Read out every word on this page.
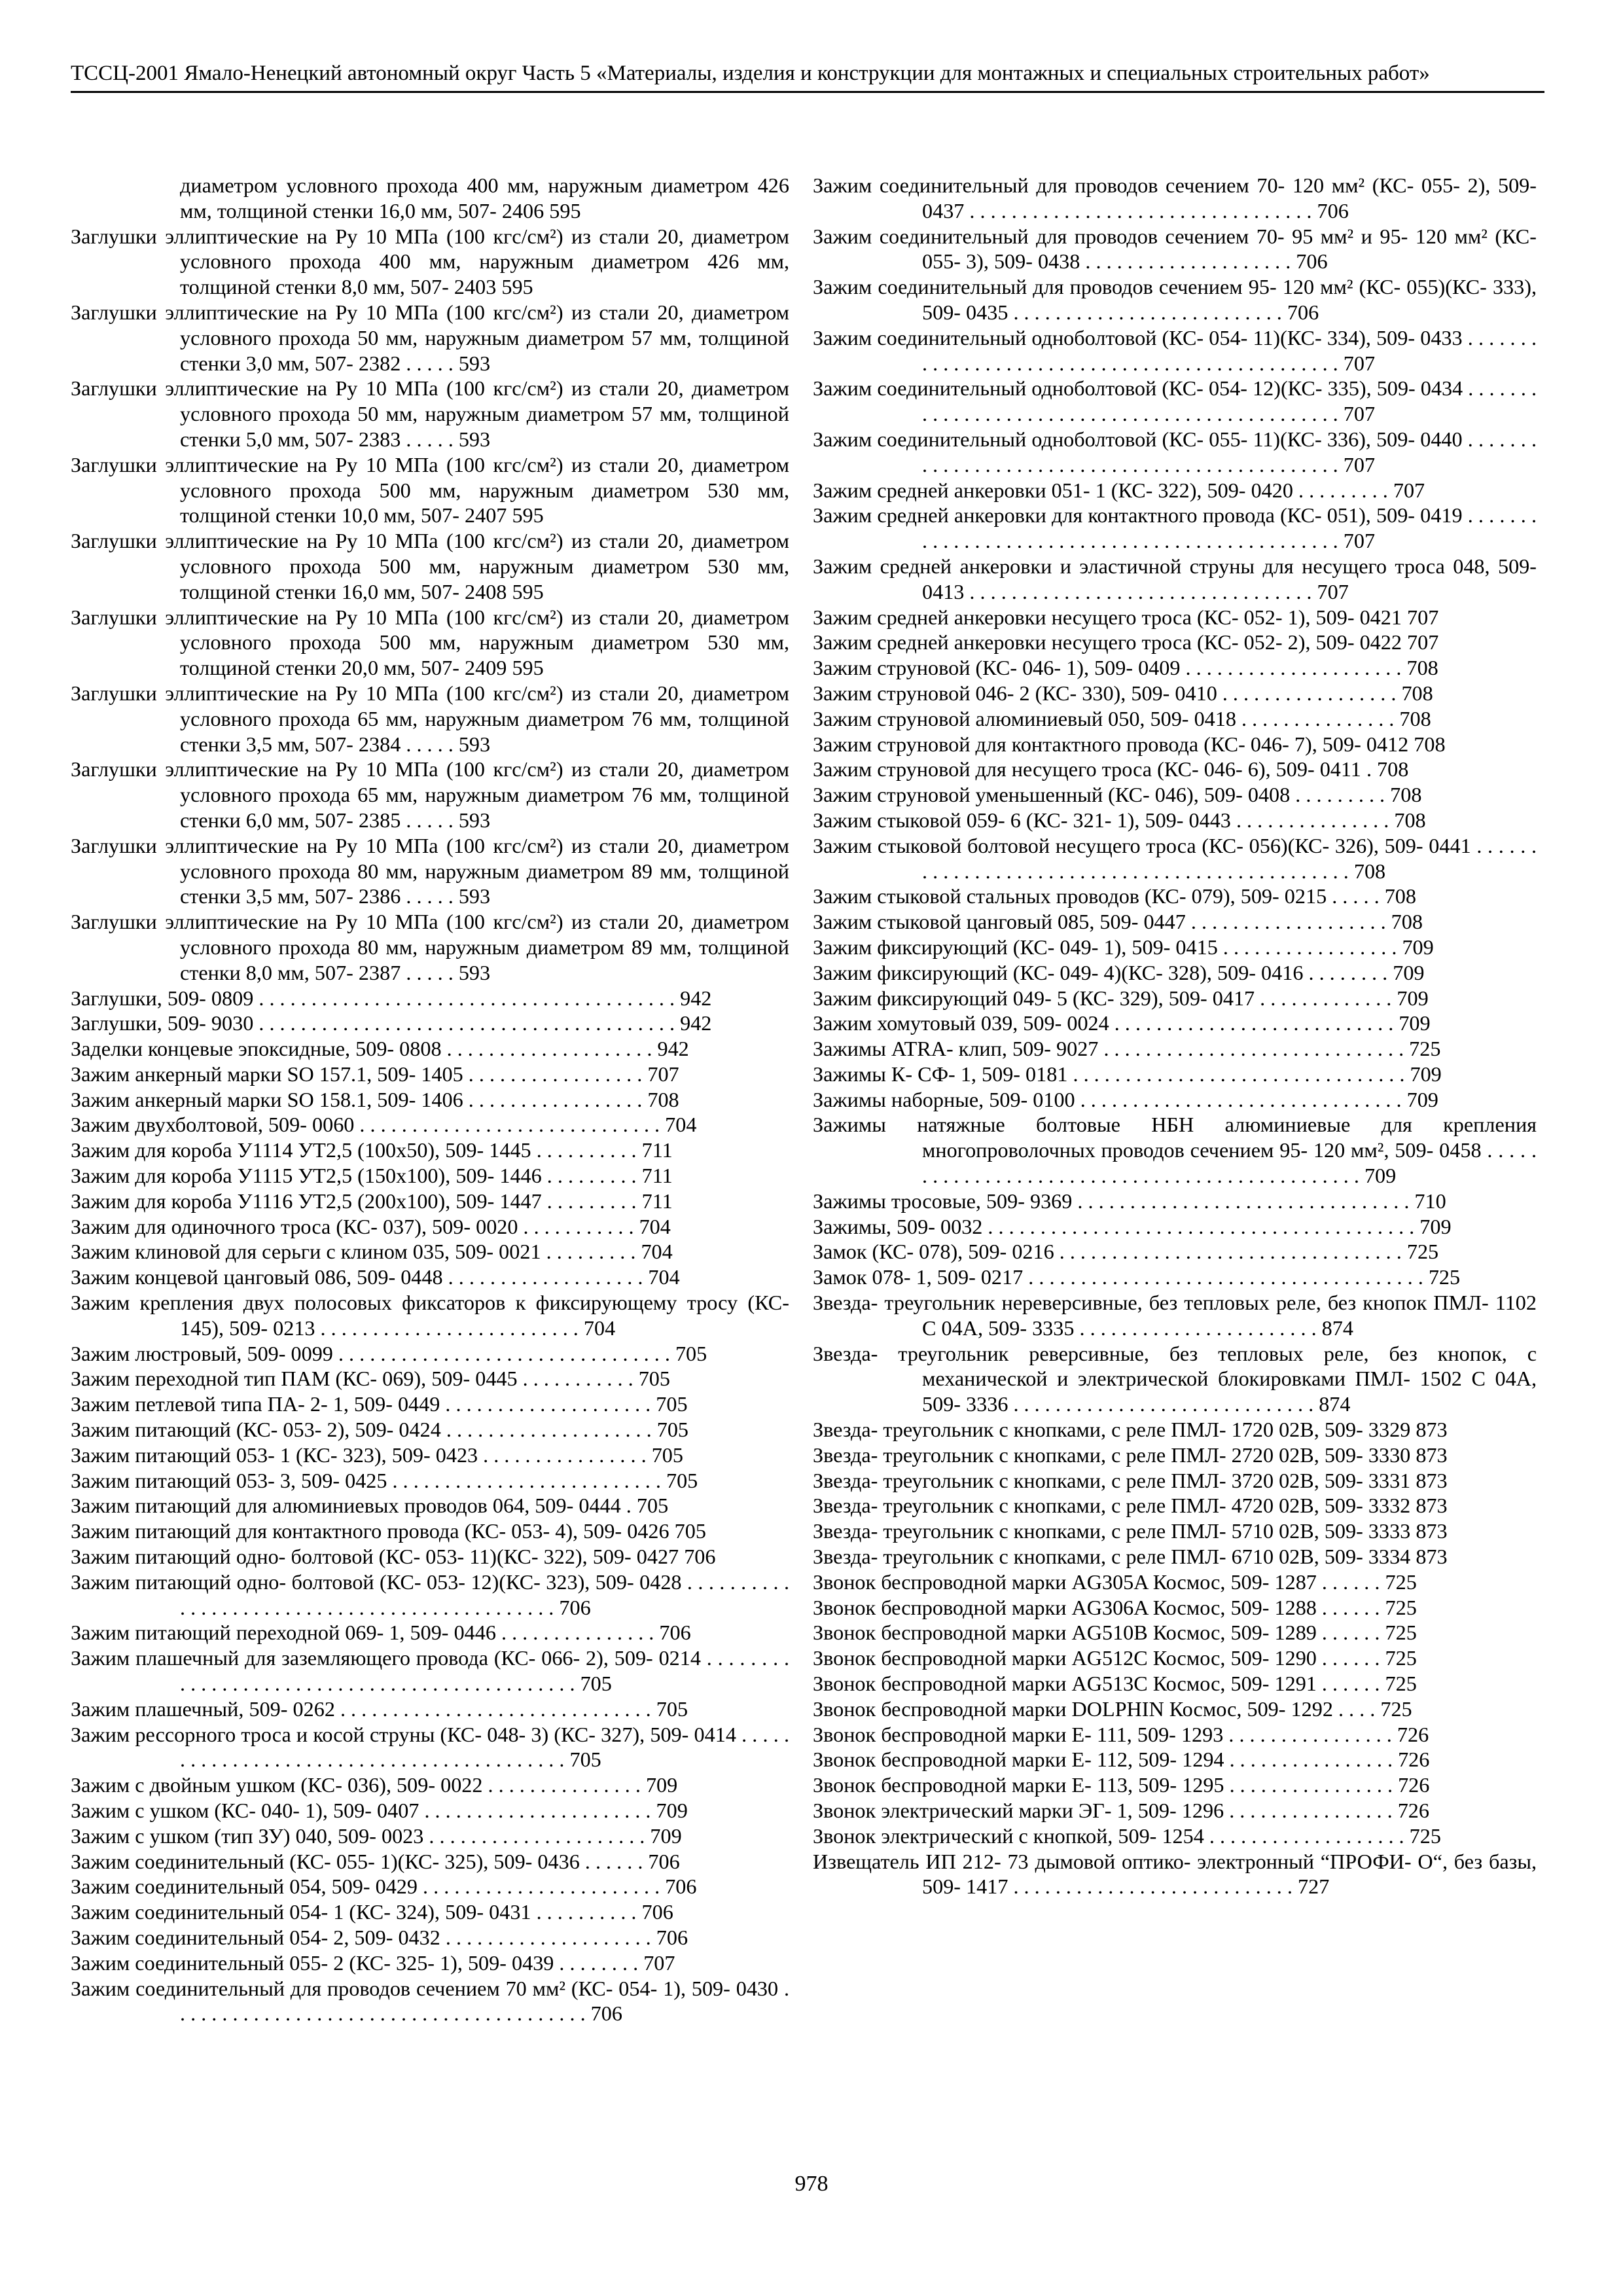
ТССЦ-2001 Ямало-Ненецкий автономный округ Часть 5 «Материалы, изделия и конструкции для монтажных и специальных строительных работ»
диаметром условного прохода 400 мм, наружным диаметром 426 мм, толщиной стенки 16,0 мм, 507- 2406 595
Заглушки эллиптические на Ру 10 МПа (100 кгс/см²) из стали 20, диаметром условного прохода 400 мм, наружным диаметром 426 мм, толщиной стенки 8,0 мм, 507- 2403 595
Заглушки эллиптические на Ру 10 МПа (100 кгс/см²) из стали 20, диаметром условного прохода 50 мм, наружным диаметром 57 мм, толщиной стенки 3,0 мм, 507- 2382 . . . . . 593
Заглушки эллиптические на Ру 10 МПа (100 кгс/см²) из стали 20, диаметром условного прохода 50 мм, наружным диаметром 57 мм, толщиной стенки 5,0 мм, 507- 2383 . . . . . 593
Заглушки эллиптические на Ру 10 МПа (100 кгс/см²) из стали 20, диаметром условного прохода 500 мм, наружным диаметром 530 мм, толщиной стенки 10,0 мм, 507- 2407 595
Заглушки эллиптические на Ру 10 МПа (100 кгс/см²) из стали 20, диаметром условного прохода 500 мм, наружным диаметром 530 мм, толщиной стенки 16,0 мм, 507- 2408 595
Заглушки эллиптические на Ру 10 МПа (100 кгс/см²) из стали 20, диаметром условного прохода 500 мм, наружным диаметром 530 мм, толщиной стенки 20,0 мм, 507- 2409 595
Заглушки эллиптические на Ру 10 МПа (100 кгс/см²) из стали 20, диаметром условного прохода 65 мм, наружным диаметром 76 мм, толщиной стенки 3,5 мм, 507- 2384 . . . . . 593
Заглушки эллиптические на Ру 10 МПа (100 кгс/см²) из стали 20, диаметром условного прохода 65 мм, наружным диаметром 76 мм, толщиной стенки 6,0 мм, 507- 2385 . . . . . 593
Заглушки эллиптические на Ру 10 МПа (100 кгс/см²) из стали 20, диаметром условного прохода 80 мм, наружным диаметром 89 мм, толщиной стенки 3,5 мм, 507- 2386 . . . . . 593
Заглушки эллиптические на Ру 10 МПа (100 кгс/см²) из стали 20, диаметром условного прохода 80 мм, наружным диаметром 89 мм, толщиной стенки 8,0 мм, 507- 2387 . . . . . 593
Заглушки, 509- 0809 . . . . . . . . . . . . . . . . . . . . . . . . . . . . . . . . . . . . . . . . 942
Заглушки, 509- 9030 . . . . . . . . . . . . . . . . . . . . . . . . . . . . . . . . . . . . . . . . 942
Заделки концевые эпоксидные, 509- 0808 . . . . . . . . . . . . . . . . . . . . 942
Зажим анкерный марки SO 157.1, 509- 1405 . . . . . . . . . . . . . . . . . 707
Зажим анкерный марки SO 158.1, 509- 1406 . . . . . . . . . . . . . . . . . 708
Зажим двухболтовой, 509- 0060 . . . . . . . . . . . . . . . . . . . . . . . . . . . . . 704
Зажим для короба У1114 УТ2,5 (100х50), 509- 1445 . . . . . . . . . . 711
Зажим для короба У1115 УТ2,5 (150х100), 509- 1446 . . . . . . . . . 711
Зажим для короба У1116 УТ2,5 (200х100), 509- 1447 . . . . . . . . . 711
Зажим для одиночного троса (КС- 037), 509- 0020 . . . . . . . . . . . 704
Зажим клиновой для серьги с клином 035, 509- 0021 . . . . . . . . . 704
Зажим концевой цанговый 086, 509- 0448 . . . . . . . . . . . . . . . . . . . 704
Зажим крепления двух полосовых фиксаторов к фиксирующему тросу (КС- 145), 509- 0213 . . . . . . . . . . . . . . . . . . . . . . . . . 704
Зажим люстровый, 509- 0099 . . . . . . . . . . . . . . . . . . . . . . . . . . . . . . . . 705
Зажим переходной тип ПАМ (КС- 069), 509- 0445 . . . . . . . . . . . 705
Зажим петлевой типа ПА- 2- 1, 509- 0449 . . . . . . . . . . . . . . . . . . . . 705
Зажим питающий (КС- 053- 2), 509- 0424 . . . . . . . . . . . . . . . . . . . . 705
Зажим питающий 053- 1 (КС- 323), 509- 0423 . . . . . . . . . . . . . . . . 705
Зажим питающий 053- 3, 509- 0425 . . . . . . . . . . . . . . . . . . . . . . . . . . 705
Зажим питающий для алюминиевых проводов 064, 509- 0444 . 705
Зажим питающий для контактного провода (КС- 053- 4), 509- 0426 705
Зажим питающий одно- болтовой (КС- 053- 11)(КС- 322), 509- 0427 706
Зажим питающий одно- болтовой (КС- 053- 12)(КС- 323), 509- 0428 . . . . . . . . . . . . . . . . . . . . . . . . . . . . . . . . . . . . . . . . . . . . . . 706
Зажим питающий переходной 069- 1, 509- 0446 . . . . . . . . . . . . . . . 706
Зажим плашечный для заземляющего провода (КС- 066- 2), 509- 0214 . . . . . . . . . . . . . . . . . . . . . . . . . . . . . . . . . . . . . . . . . . . . . . 705
Зажим плашечный, 509- 0262 . . . . . . . . . . . . . . . . . . . . . . . . . . . . . . 705
Зажим рессорного троса и косой струны (КС- 048- 3) (КС- 327), 509- 0414 . . . . . . . . . . . . . . . . . . . . . . . . . . . . . . . . . . . . . . . . . . 705
Зажим с двойным ушком (КС- 036), 509- 0022 . . . . . . . . . . . . . . . 709
Зажим с ушком (КС- 040- 1), 509- 0407 . . . . . . . . . . . . . . . . . . . . . . 709
Зажим с ушком (тип ЗУ) 040, 509- 0023 . . . . . . . . . . . . . . . . . . . . . 709
Зажим соединительный (КС- 055- 1)(КС- 325), 509- 0436 . . . . . . 706
Зажим соединительный 054, 509- 0429 . . . . . . . . . . . . . . . . . . . . . . . 706
Зажим соединительный 054- 1 (КС- 324), 509- 0431 . . . . . . . . . . 706
Зажим соединительный 054- 2, 509- 0432 . . . . . . . . . . . . . . . . . . . . 706
Зажим соединительный 055- 2 (КС- 325- 1), 509- 0439 . . . . . . . . 707
Зажим соединительный для проводов сечением 70 мм² (КС- 054- 1), 509- 0430 . . . . . . . . . . . . . . . . . . . . . . . . . . . . . . . . . . . . . . . . 706
Зажим соединительный для проводов сечением 70- 120 мм² (КС- 055- 2), 509- 0437 . . . . . . . . . . . . . . . . . . . . . . . . . . . . . . . . . 706
Зажим соединительный для проводов сечением 70- 95 мм² и 95- 120 мм² (КС- 055- 3), 509- 0438 . . . . . . . . . . . . . . . . . . . . 706
Зажим соединительный для проводов сечением 95- 120 мм² (КС- 055)(КС- 333), 509- 0435 . . . . . . . . . . . . . . . . . . . . . . . . . . 706
Зажим соединительный одноболтовой (КС- 054- 11)(КС- 334), 509- 0433 . . . . . . . . . . . . . . . . . . . . . . . . . . . . . . . . . . . . . . . . . . . . . . . 707
Зажим соединительный одноболтовой (КС- 054- 12)(КС- 335), 509- 0434 . . . . . . . . . . . . . . . . . . . . . . . . . . . . . . . . . . . . . . . . . . . . . . . 707
Зажим соединительный одноболтовой (КС- 055- 11)(КС- 336), 509- 0440 . . . . . . . . . . . . . . . . . . . . . . . . . . . . . . . . . . . . . . . . . . . . . . . 707
Зажим средней анкеровки 051- 1 (КС- 322), 509- 0420 . . . . . . . . . 707
Зажим средней анкеровки для контактного провода (КС- 051), 509- 0419 . . . . . . . . . . . . . . . . . . . . . . . . . . . . . . . . . . . . . . . . . . . . . . . 707
Зажим средней анкеровки и эластичной струны для несущего троса 048, 509- 0413 . . . . . . . . . . . . . . . . . . . . . . . . . . . . . . . . . 707
Зажим средней анкеровки несущего троса (КС- 052- 1), 509- 0421 707
Зажим средней анкеровки несущего троса (КС- 052- 2), 509- 0422 707
Зажим струновой (КС- 046- 1), 509- 0409 . . . . . . . . . . . . . . . . . . . . . 708
Зажим струновой 046- 2 (КС- 330), 509- 0410 . . . . . . . . . . . . . . . . . 708
Зажим струновой алюминиевый 050, 509- 0418 . . . . . . . . . . . . . . . 708
Зажим струновой для контактного провода (КС- 046- 7), 509- 0412 708
Зажим струновой для несущего троса (КС- 046- 6), 509- 0411 . 708
Зажим струновой уменьшенный (КС- 046), 509- 0408 . . . . . . . . . 708
Зажим стыковой 059- 6 (КС- 321- 1), 509- 0443 . . . . . . . . . . . . . . . 708
Зажим стыковой болтовой несущего троса (КС- 056)(КС- 326), 509- 0441 . . . . . . . . . . . . . . . . . . . . . . . . . . . . . . . . . . . . . . . . . . . . . . . 708
Зажим стыковой стальных проводов (КС- 079), 509- 0215 . . . . . 708
Зажим стыковой цанговый 085, 509- 0447 . . . . . . . . . . . . . . . . . . . 708
Зажим фиксирующий (КС- 049- 1), 509- 0415 . . . . . . . . . . . . . . . . . 709
Зажим фиксирующий (КС- 049- 4)(КС- 328), 509- 0416 . . . . . . . . 709
Зажим фиксирующий 049- 5 (КС- 329), 509- 0417 . . . . . . . . . . . . . 709
Зажим хомутовый 039, 509- 0024 . . . . . . . . . . . . . . . . . . . . . . . . . . . 709
Зажимы ATRA- клип, 509- 9027 . . . . . . . . . . . . . . . . . . . . . . . . . . . . . 725
Зажимы К- СФ- 1, 509- 0181 . . . . . . . . . . . . . . . . . . . . . . . . . . . . . . . . 709
Зажимы наборные, 509- 0100 . . . . . . . . . . . . . . . . . . . . . . . . . . . . . . . 709
Зажимы натяжные болтовые НБН алюминиевые для крепления многопроволочных проводов сечением 95- 120 мм², 509- 0458 . . . . . . . . . . . . . . . . . . . . . . . . . . . . . . . . . . . . . . . . . . . . . . . 709
Зажимы тросовые, 509- 9369 . . . . . . . . . . . . . . . . . . . . . . . . . . . . . . . . 710
Зажимы, 509- 0032 . . . . . . . . . . . . . . . . . . . . . . . . . . . . . . . . . . . . . . . . . 709
Замок (КС- 078), 509- 0216 . . . . . . . . . . . . . . . . . . . . . . . . . . . . . . . . . 725
Замок 078- 1, 509- 0217 . . . . . . . . . . . . . . . . . . . . . . . . . . . . . . . . . . . . . . 725
Звезда- треугольник нереверсивные, без тепловых реле, без кнопок ПМЛ- 1102 С 04А, 509- 3335 . . . . . . . . . . . . . . . . . . . . . . . 874
Звезда- треугольник реверсивные, без тепловых реле, без кнопок, с механической и электрической блокировками ПМЛ- 1502 С 04А, 509- 3336 . . . . . . . . . . . . . . . . . . . . . . . . . . . . . 874
Звезда- треугольник с кнопками, с реле ПМЛ- 1720 02В, 509- 3329 873
Звезда- треугольник с кнопками, с реле ПМЛ- 2720 02В, 509- 3330 873
Звезда- треугольник с кнопками, с реле ПМЛ- 3720 02В, 509- 3331 873
Звезда- треугольник с кнопками, с реле ПМЛ- 4720 02В, 509- 3332 873
Звезда- треугольник с кнопками, с реле ПМЛ- 5710 02В, 509- 3333 873
Звезда- треугольник с кнопками, с реле ПМЛ- 6710 02В, 509- 3334 873
Звонок беспроводной марки AG305A Космос, 509- 1287 . . . . . . 725
Звонок беспроводной марки AG306A Космос, 509- 1288 . . . . . . 725
Звонок беспроводной марки AG510B Космос, 509- 1289 . . . . . . 725
Звонок беспроводной марки AG512C Космос, 509- 1290 . . . . . . 725
Звонок беспроводной марки AG513C Космос, 509- 1291 . . . . . . 725
Звонок беспроводной марки DOLPHIN Космос, 509- 1292 . . . . 725
Звонок беспроводной марки Е- 111, 509- 1293 . . . . . . . . . . . . . . . . 726
Звонок беспроводной марки Е- 112, 509- 1294 . . . . . . . . . . . . . . . . 726
Звонок беспроводной марки Е- 113, 509- 1295 . . . . . . . . . . . . . . . . 726
Звонок электрический марки ЭГ- 1, 509- 1296 . . . . . . . . . . . . . . . . 726
Звонок электрический с кнопкой, 509- 1254 . . . . . . . . . . . . . . . . . . . 725
Извещатель ИП 212- 73 дымовой оптико- электронный “ПРОФИ- О“, без базы, 509- 1417 . . . . . . . . . . . . . . . . . . . . . . . . . . . 727
978
